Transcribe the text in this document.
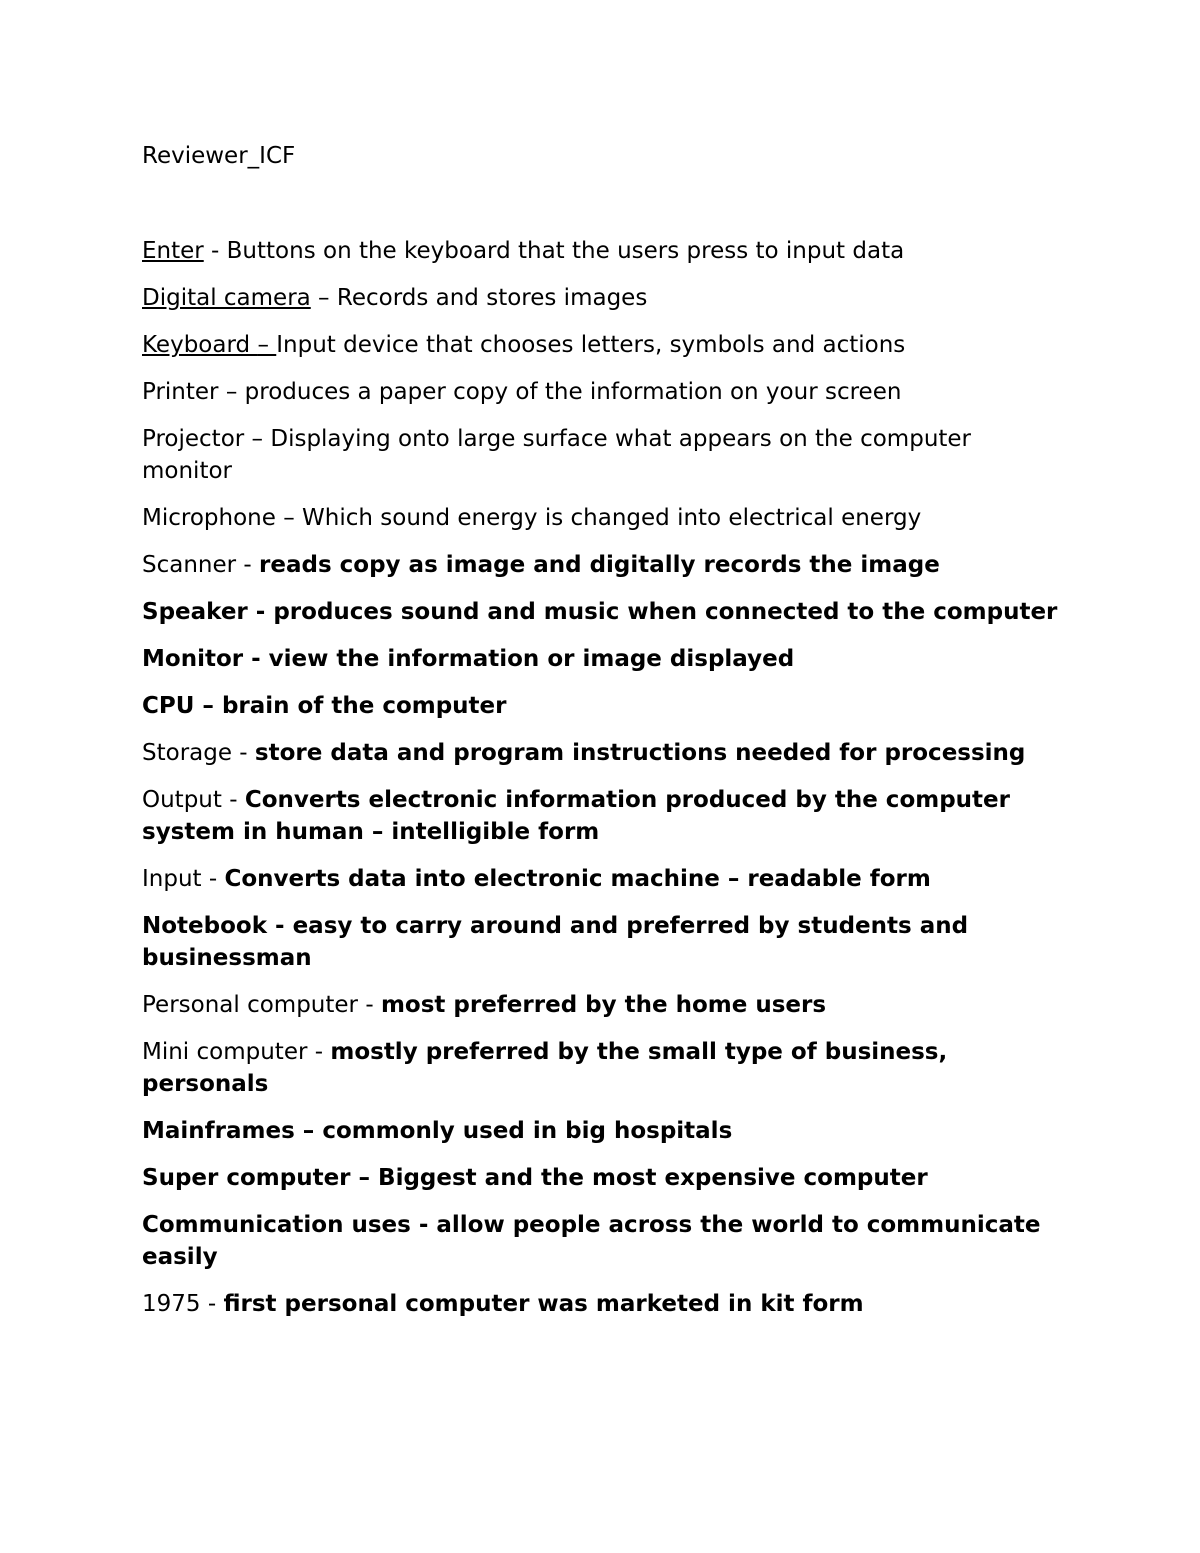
Reviewer_ICF

Enter - Buttons on the keyboard that the users press to input data

Digital camera – Records and stores images

Keyboard – Input device that chooses letters, symbols and actions

Printer – produces a paper copy of the information on your screen

Projector – Displaying onto large surface what appears on the computer monitor

Microphone – Which sound energy is changed into electrical energy

Scanner - reads copy as image and digitally records the image

Speaker - produces sound and music when connected to the computer

Monitor - view the information or image displayed

CPU – brain of the computer

Storage - store data and program instructions needed for processing

Output - Converts electronic information produced by the computer system in human – intelligible form

Input - Converts data into electronic machine – readable form

Notebook - easy to carry around and preferred by students and businessman

Personal computer - most preferred by the home users

Mini computer - mostly preferred by the small type of business, personals

Mainframes – commonly used in big hospitals

Super computer – Biggest and the most expensive computer

Communication uses - allow people across the world to communicate easily

1975 - first personal computer was marketed in kit form
